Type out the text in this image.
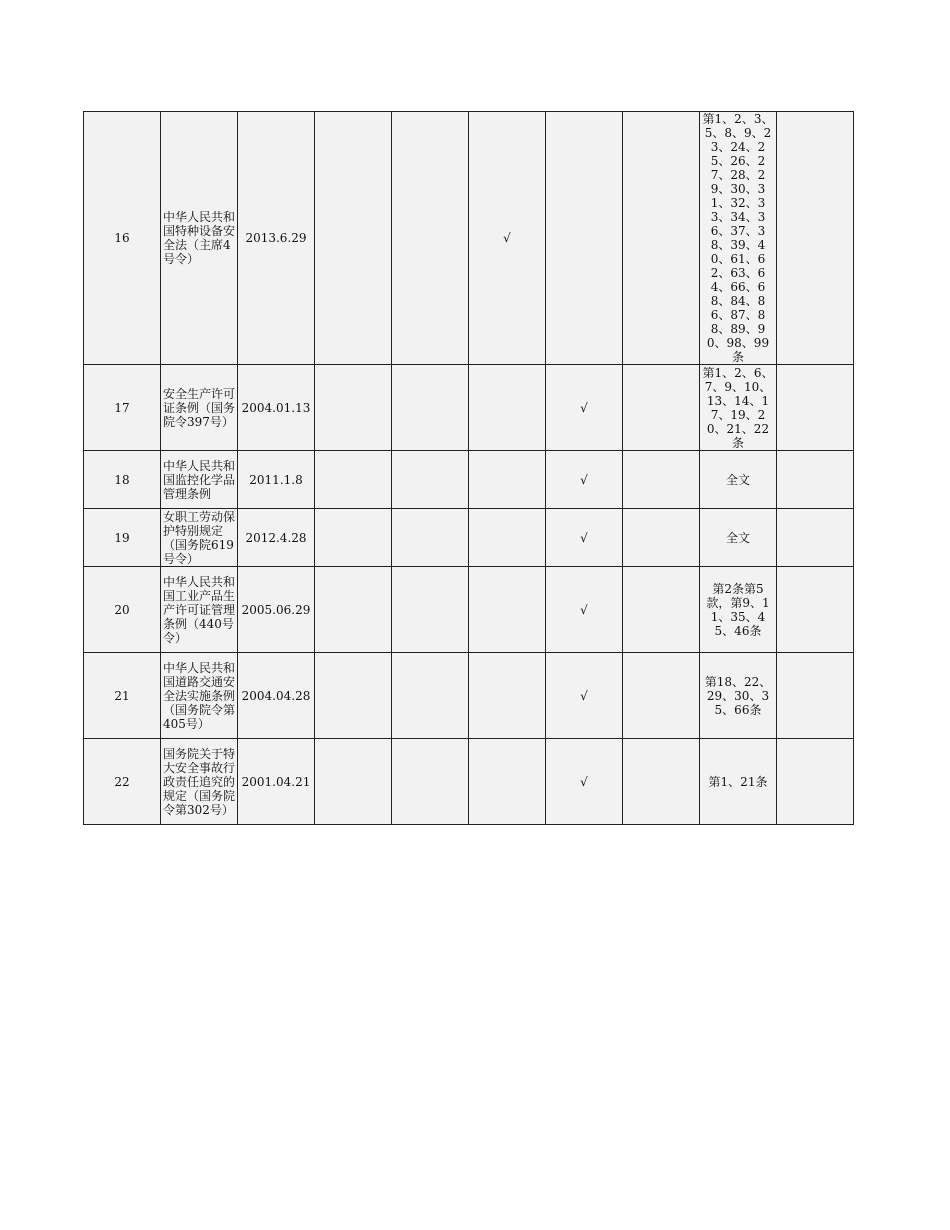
16	中华人民共和国特种设备安全法（主席4号令）	2013.6.29			√			第1、2、3、5、8、9、23、24、25、26、27、28、29、30、31、32、33、34、36、37、38、39、40、61、62、63、64、66、68、84、86、87、88、89、90、98、99条	
17	安全生产许可证条例（国务院令397号）	2004.01.13				√		第1、2、6、7、9、10、13、14、17、19、20、21、22条	
18	中华人民共和国监控化学品管理条例	2011.1.8				√		全文	
19	女职工劳动保护特别规定（国务院619号令）	2012.4.28				√		全文	
20	中华人民共和国工业产品生产许可证管理条例（440号令）	2005.06.29				√		第2条第5款，第9、11、35、45、46条	
21	中华人民共和国道路交通安全法实施条例（国务院令第405号）	2004.04.28				√		第18、22、29、30、35、66条	
22	国务院关于特大安全事故行政责任追究的规定（国务院令第302号）	2001.04.21				√		第1、21条	
